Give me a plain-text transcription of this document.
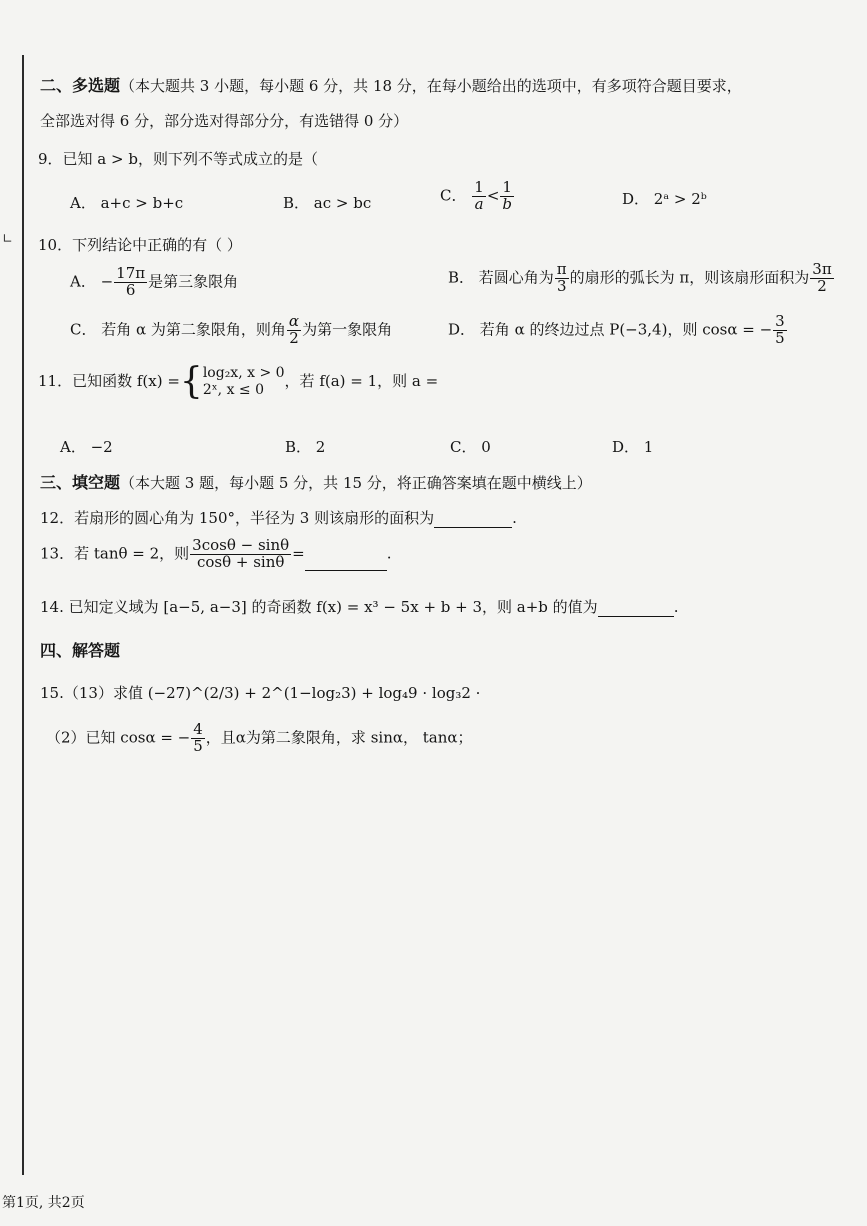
∟
二、多选题（本大题共 3 小题，每小题 6 分，共 18 分，在每小题给出的选项中，有多项符合题目要求，
全部选对得 6 分，部分选对得部分分，有选错得 0 分）
9．已知 a > b，则下列不等式成立的是（
A． a+c > b+c	B． ac > bc	C． $\frac{1}{a} < \frac{1}{b}$	D． 2ᵃ > 2ᵇ
10．下列结论中正确的有（ ）
A． − $\frac{17\pi}{6}$ 是第三象限角	B． 若圆心角为 $\frac{\pi}{3}$ 的扇形的弧长为 π，则该扇形面积为 $\frac{3\pi}{2}$
C． 若角 α 为第二象限角，则角 $\frac{\alpha}{2}$ 为第一象限角	D． 若角 α 的终边过点 P(−3,4)，则 cosα = − $\frac{3}{5}$
11．已知函数 f(x) ={ log₂x, x > 0
2ˣ, x ≤ 0	，若 f(a) = 1，则 a =
A． −2	B． 2	C． 0	D． 1
三、填空题（本大题 3 题，每小题 5 分，共 15 分，将正确答案填在题中横线上）
12．若扇形的圆心角为 150°，半径为 3 则该扇形的面积为	.
13．若 tanθ = 2，则 $\frac{3\cos\theta - \sin\theta}{\cos\theta + \sin\theta}$ =	.
14. 已知定义域为 [a−5, a−3] 的奇函数 f(x) = x³ − 5x + b + 3，则 a+b 的值为	.
四、解答题
15.（13）求值 (−27)^(2/3) + 2^(1−log₂3) + log₄9 · log₃2 ·
（2）已知 cosα = − $\frac{4}{5}$ ，且α为第二象限角，求 sinα， tanα；
第1页, 共2页
